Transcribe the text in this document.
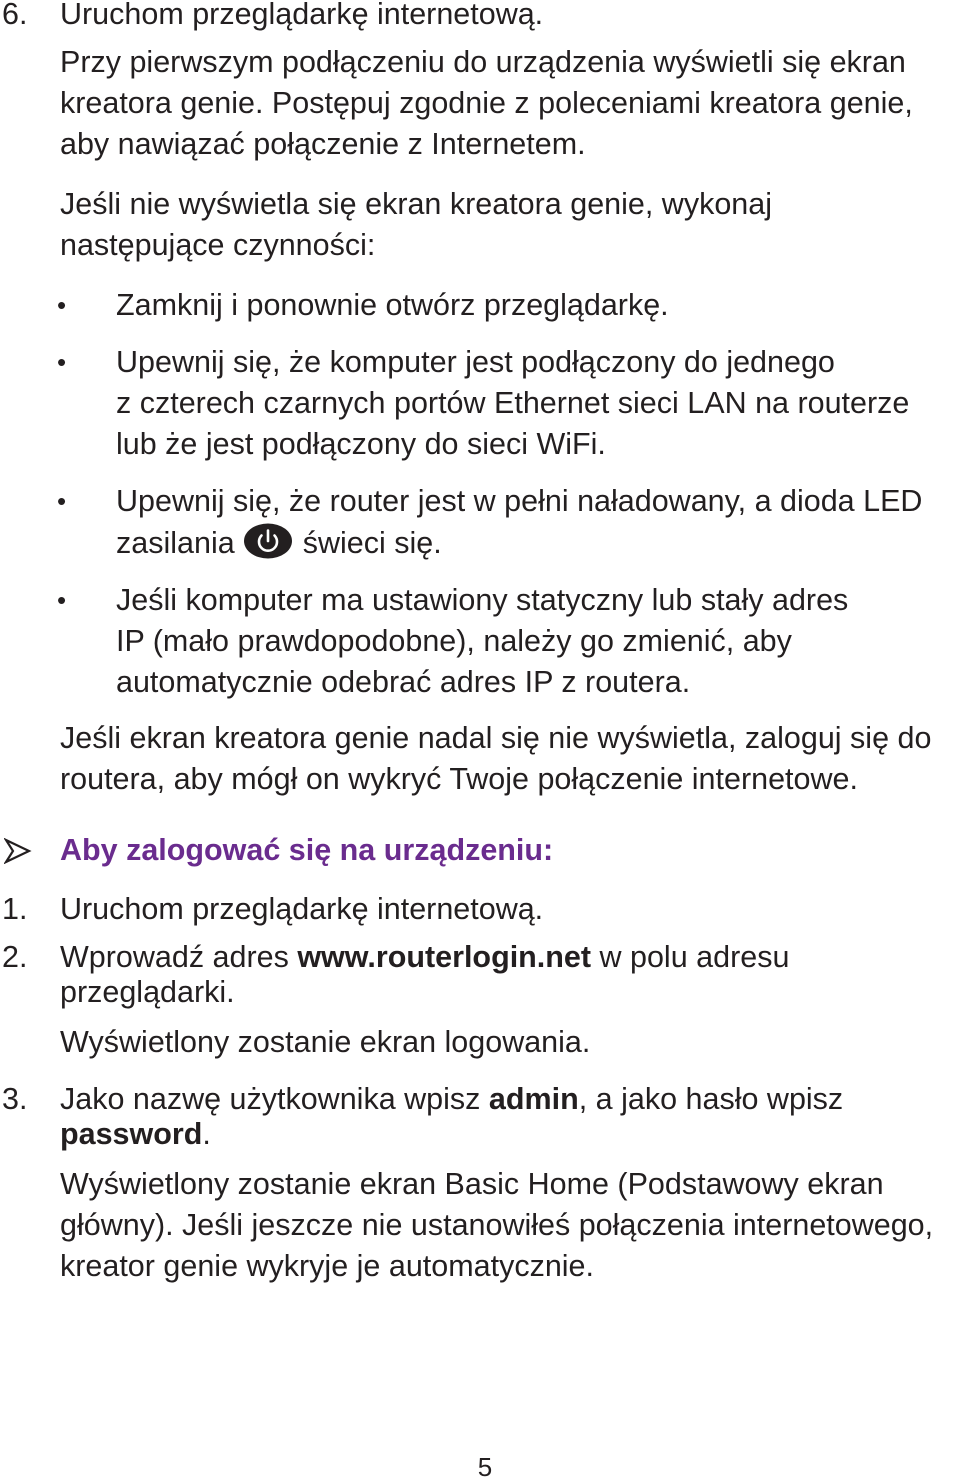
6. Uruchom przeglądarkę internetową.
Przy pierwszym podłączeniu do urządzenia wyświetli się ekran
kreatora genie. Postępuj zgodnie z poleceniami kreatora genie,
aby nawiązać połączenie z Internetem.
Jeśli nie wyświetla się ekran kreatora genie, wykonaj
następujące czynności:
• Zamknij i ponownie otwórz przeglądarkę.
• Upewnij się, że komputer jest podłączony do jednego
z czterech czarnych portów Ethernet sieci LAN na routerze
lub że jest podłączony do sieci WiFi.
• Upewnij się, że router jest w pełni naładowany, a dioda LED
zasilania świeci się.
• Jeśli komputer ma ustawiony statyczny lub stały adres
IP (mało prawdopodobne), należy go zmienić, aby
automatycznie odebrać adres IP z routera.
Jeśli ekran kreatora genie nadal się nie wyświetla, zaloguj się do
routera, aby mógł on wykryć Twoje połączenie internetowe.
Aby zalogować się na urządzeniu:
1. Uruchom przeglądarkę internetową.
2. Wprowadź adres www.routerlogin.net w polu adresu
przeglądarki.
Wyświetlony zostanie ekran logowania.
3. Jako nazwę użytkownika wpisz admin, a jako hasło wpisz
password.
Wyświetlony zostanie ekran Basic Home (Podstawowy ekran
główny). Jeśli jeszcze nie ustanowiłeś połączenia internetowego,
kreator genie wykryje je automatycznie.
5
